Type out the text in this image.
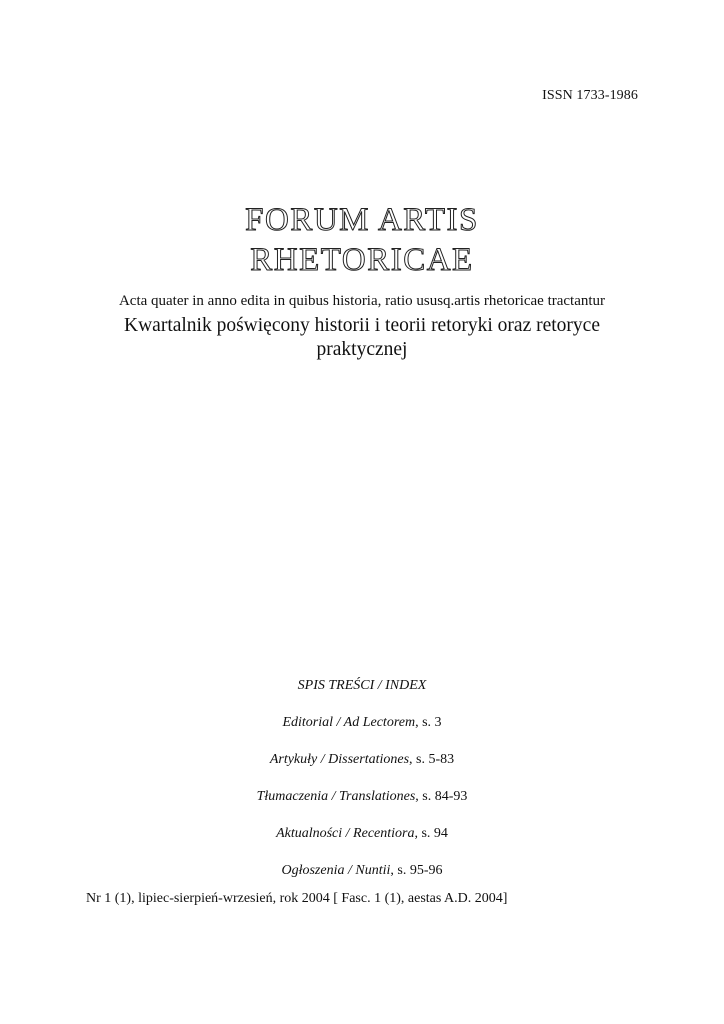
ISSN 1733-1986
FORUM ARTIS
RHETORICAE
Acta quater in anno edita in quibus historia, ratio ususq.artis rhetoricae tractantur
Kwartalnik poświęcony historii i teorii retoryki oraz retoryce
praktycznej
SPIS TREŚCI / INDEX
Editorial / Ad Lectorem, s. 3
Artykuły / Dissertationes, s. 5-83
Tłumaczenia / Translationes, s. 84-93
Aktualności / Recentiora, s. 94
Ogłoszenia / Nuntii, s. 95-96
Nr 1 (1), lipiec-sierpień-wrzesień, rok 2004 [ Fasc. 1 (1), aestas A.D. 2004]
